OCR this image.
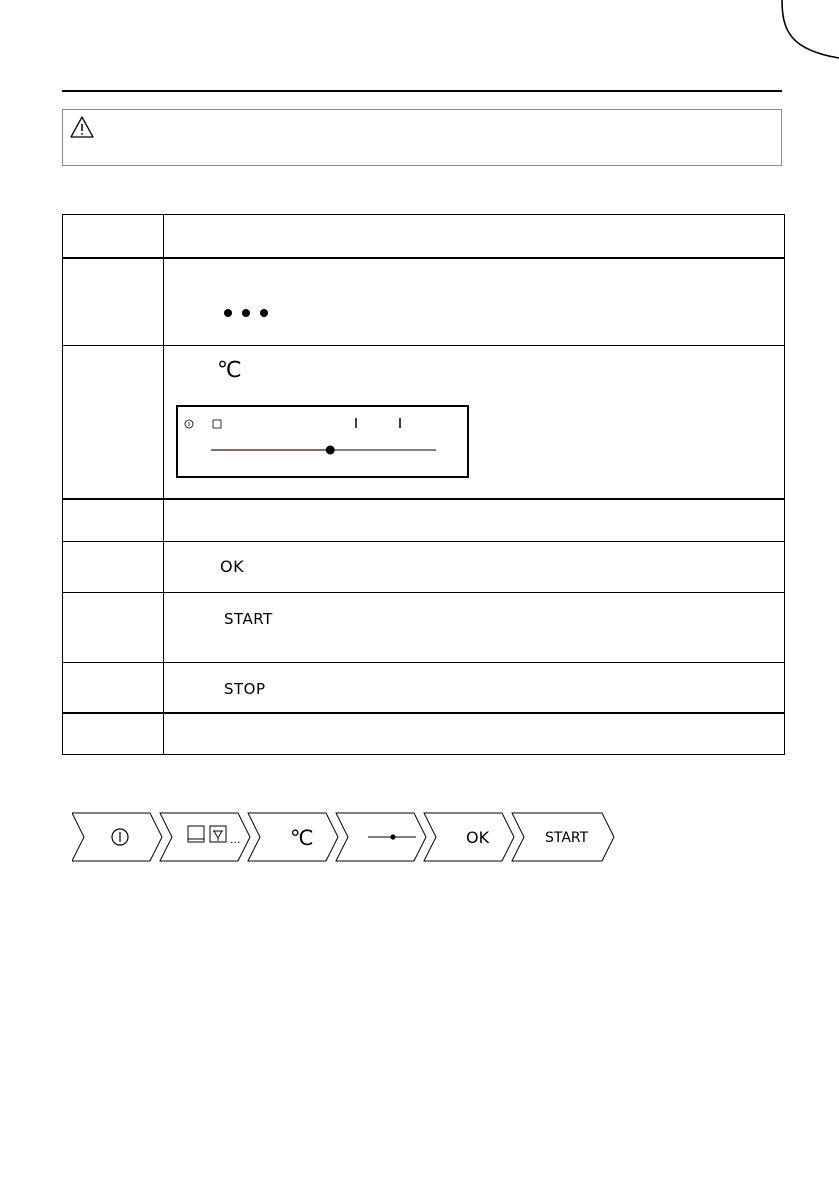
	℃

	OK

	START

	STOP

... ℃	OK	START
